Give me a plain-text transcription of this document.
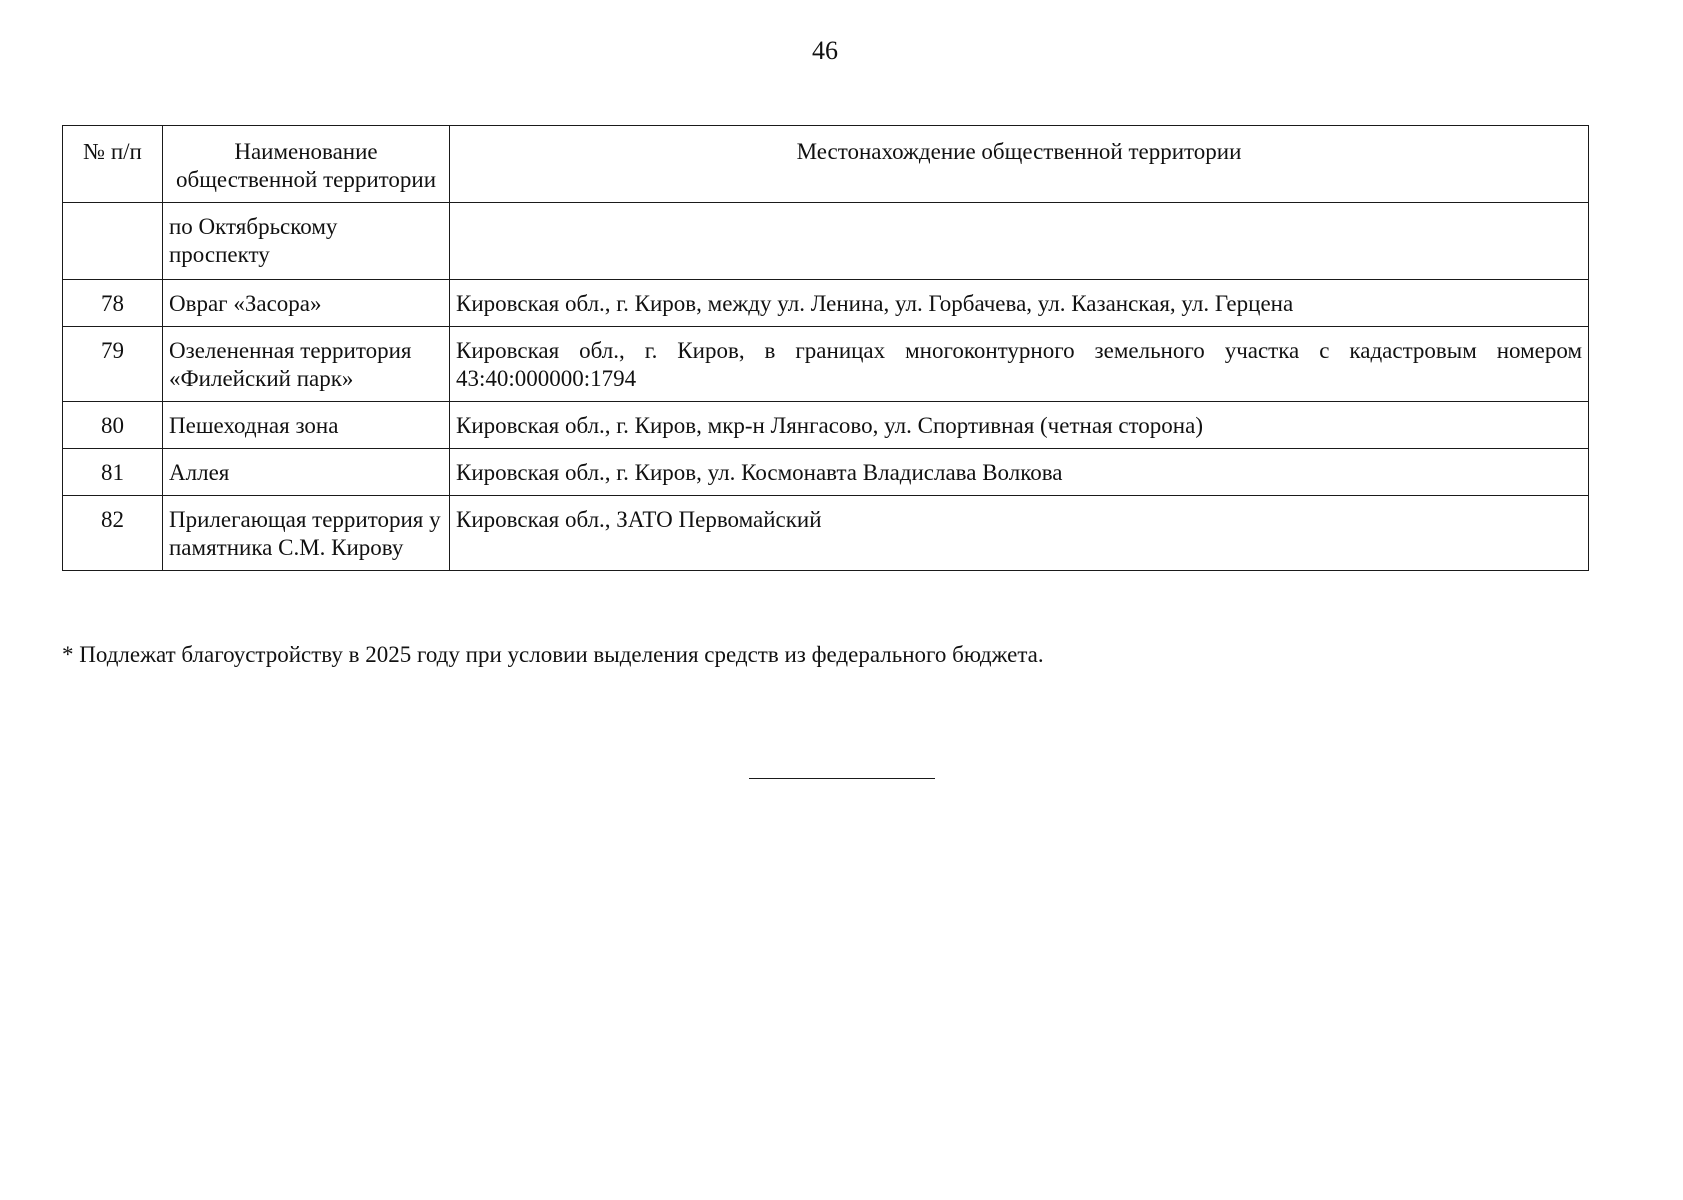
46
№ п/п	Наименование общественной территории	Местонахождение общественной территории
	по Октябрьскому проспекту	
78	Овраг «Засора»	Кировская обл., г. Киров, между ул. Ленина, ул. Горбачева, ул. Казанская, ул. Герцена
79	Озелененная территория «Филейский парк»	Кировская обл., г. Киров, в границах многоконтурного земельного участка с кадастровым номером 43:40:000000:1794
80	Пешеходная зона	Кировская обл., г. Киров, мкр-н Лянгасово, ул. Спортивная (четная сторона)
81	Аллея	Кировская обл., г. Киров, ул. Космонавта Владислава Волкова
82	Прилегающая территория у памятника С.М. Кирову	Кировская обл., ЗАТО Первомайский
* Подлежат благоустройству в 2025 году при условии выделения средств из федерального бюджета.
